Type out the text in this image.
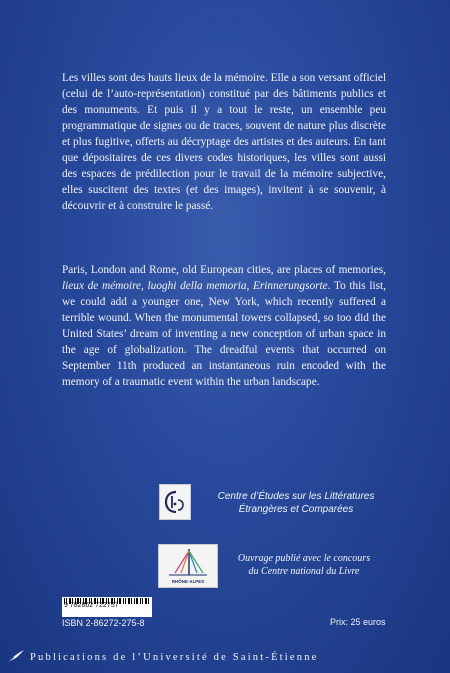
Les villes sont des hauts lieux de la mémoire. Elle a son versant officiel (celui de l’auto-représentation) constitué par des bâtiments publics et des monuments. Et puis il y a tout le reste, un ensemble peu programmatique de signes ou de traces, souvent de nature plus discrète et plus fugitive, offerts au décryptage des artistes et des auteurs. En tant que dépositaires de ces divers codes historiques, les villes sont aussi des espaces de prédilection pour le travail de la mémoire subjective, elles suscitent des textes (et des images), invitent à se souvenir, à découvrir et à construire le passé.

Paris, London and Rome, old European cities, are places of memories, lieux de mémoire, luoghi della memoria, Erinnerungsorte. To this list, we could add a younger one, New York, which recently suffered a terrible wound. When the monumental towers collapsed, so too did the United States’ dream of inventing a new conception of urban space in the age of globalization. The dreadful events that occurred on September 11th produced an instantaneous ruin encoded with the memory of a traumatic event within the urban landscape.

Centre d’Études sur les Littératures
Étrangères et Comparées
RHÔNE·ALPES
Ouvrage publié avec le concours
du Centre national du Livre
9 782862 722757
ISBN 2-86272-275-8	Prix: 25 euros
Publications de l’Université de Saint-Étienne
